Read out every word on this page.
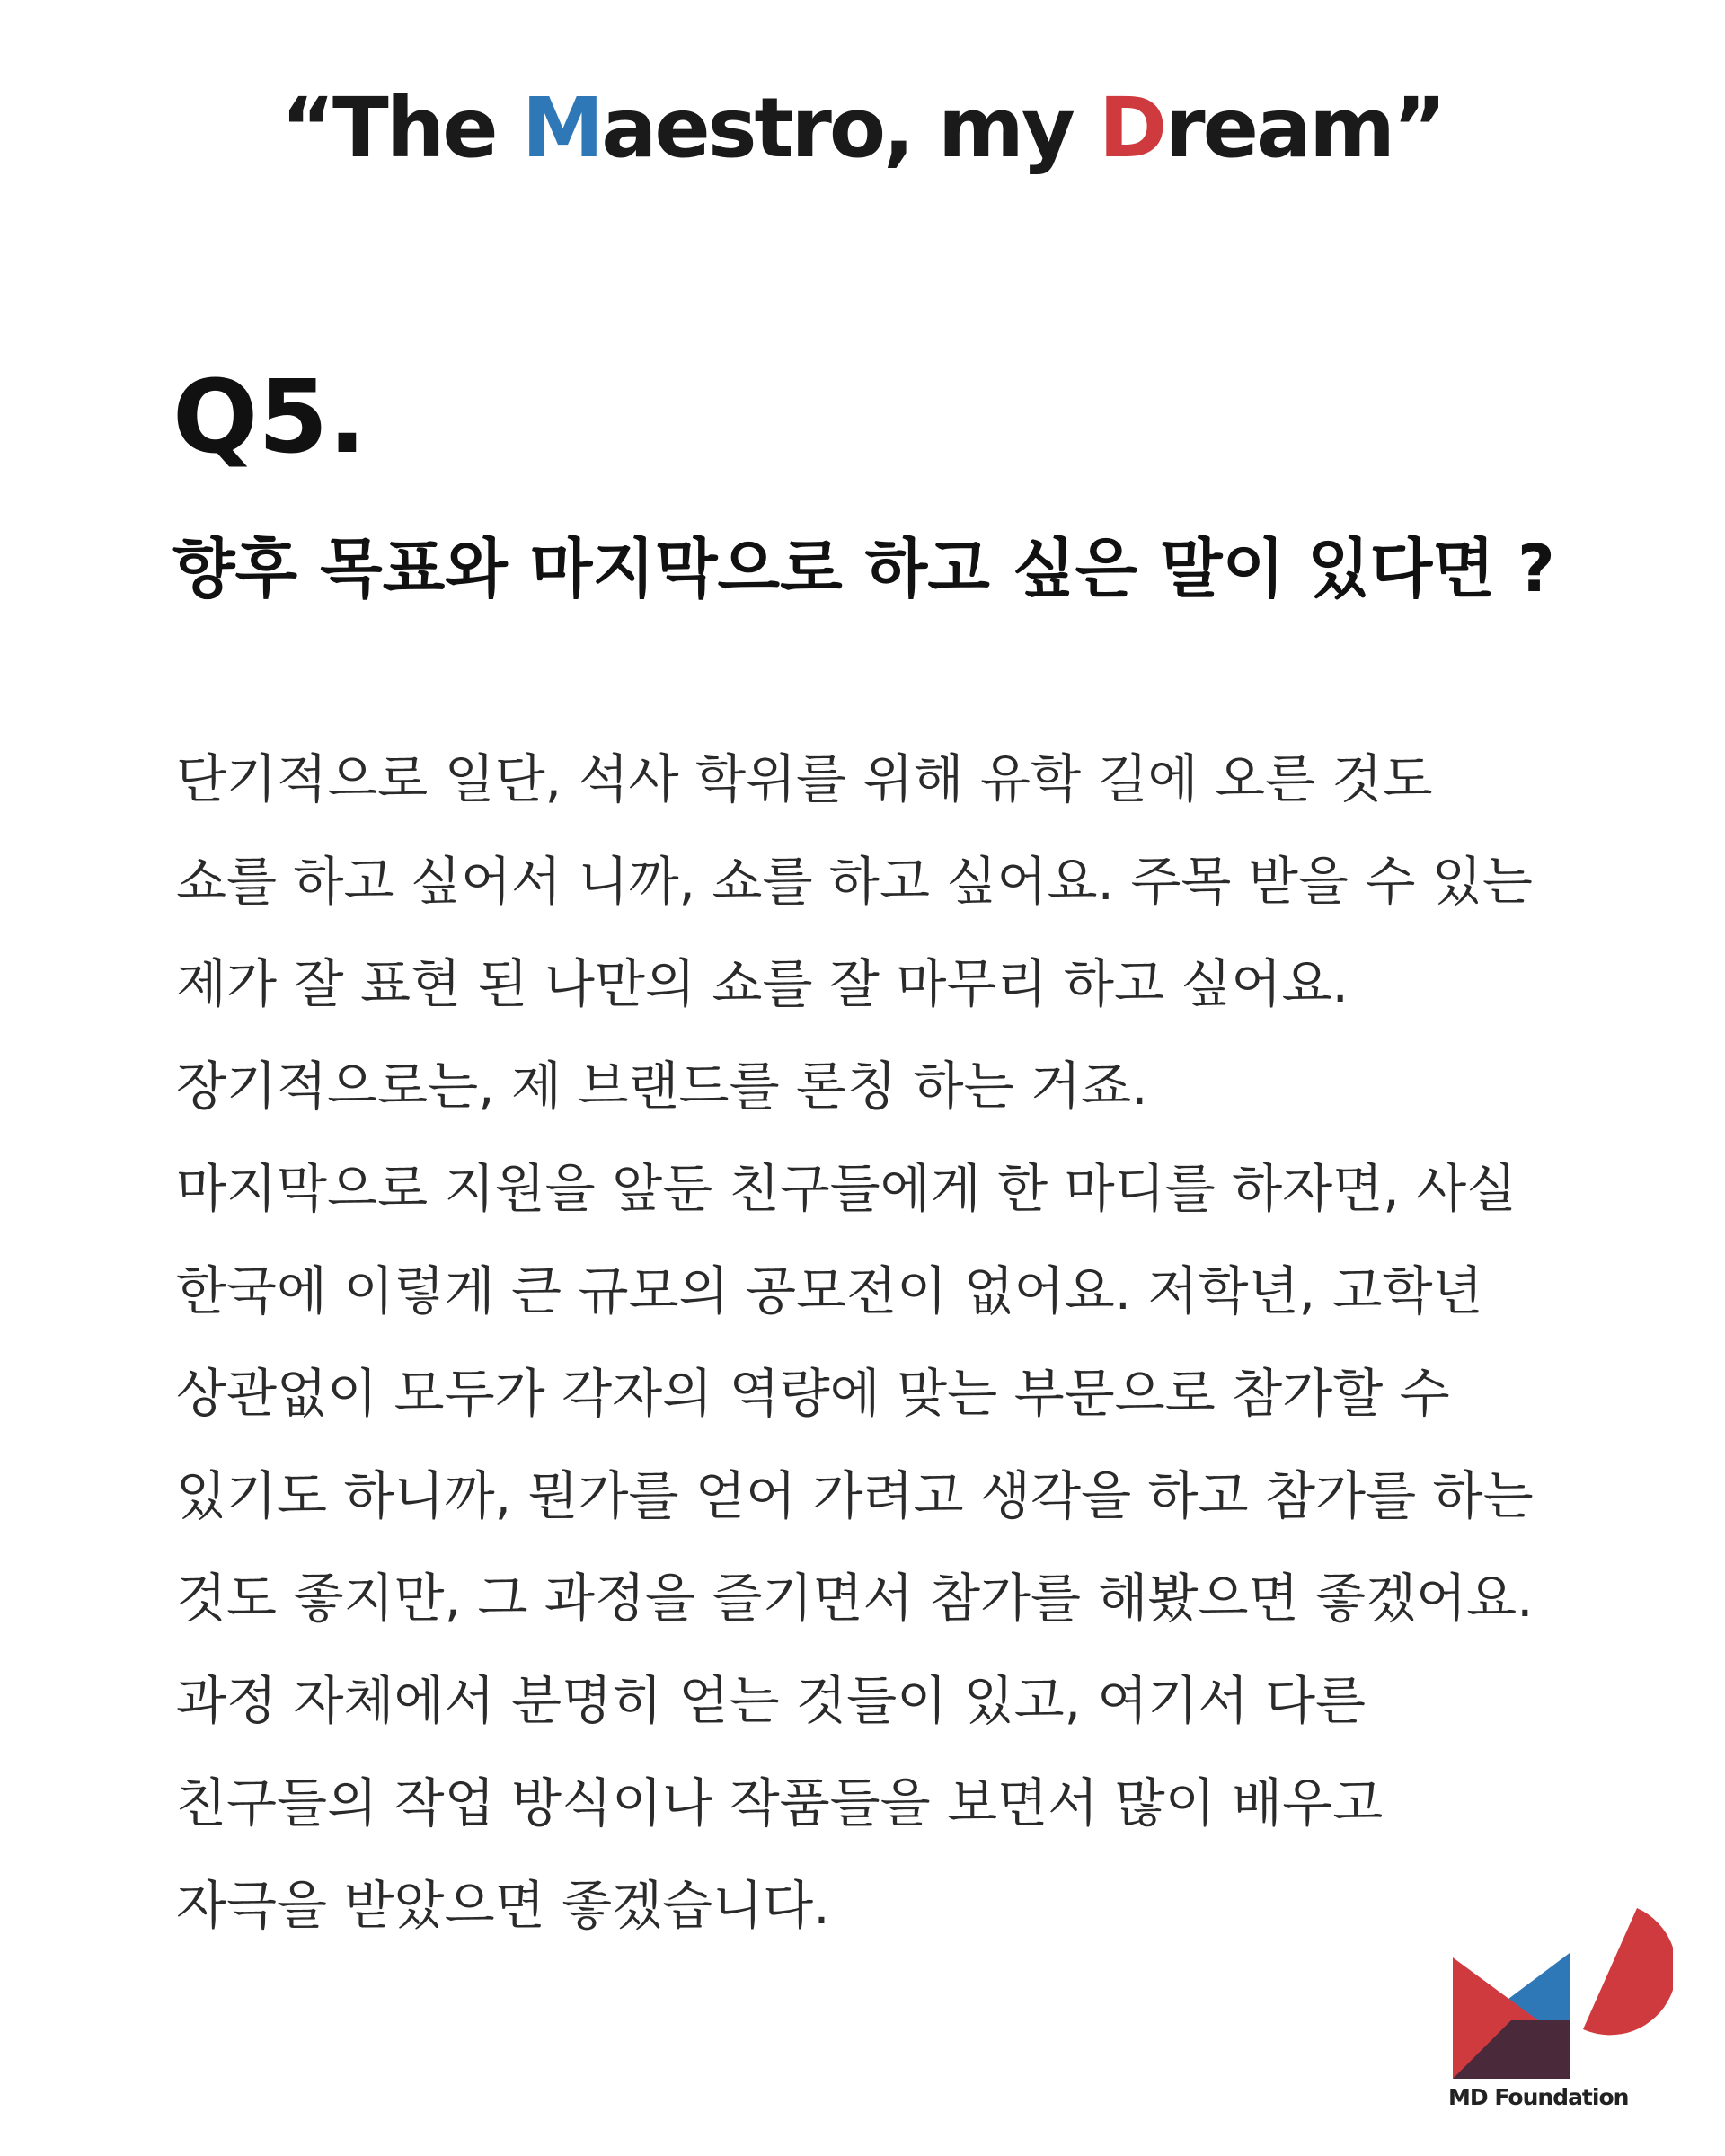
“The Maestro, my Dream”
Q5.
향후 목표와 마지막으로 하고 싶은 말이 있다면 ?
단기적으로 일단, 석사 학위를 위해 유학 길에 오른 것도
쇼를 하고 싶어서 니까, 쇼를 하고 싶어요. 주목 받을 수 있는
제가 잘 표현 된 나만의 쇼를 잘 마무리 하고 싶어요.
장기적으로는, 제 브랜드를 론칭 하는 거죠.
마지막으로 지원을 앞둔 친구들에게 한 마디를 하자면, 사실
한국에 이렇게 큰 규모의 공모전이 없어요. 저학년, 고학년
상관없이 모두가 각자의 역량에 맞는 부문으로 참가할 수
있기도 하니까, 뭔가를 얻어 가려고 생각을 하고 참가를 하는
것도 좋지만, 그 과정을 즐기면서 참가를 해봤으면 좋겠어요.
과정 자체에서 분명히 얻는 것들이 있고, 여기서 다른
친구들의 작업 방식이나 작품들을 보면서 많이 배우고
자극을 받았으면 좋겠습니다.
MD Foundation
